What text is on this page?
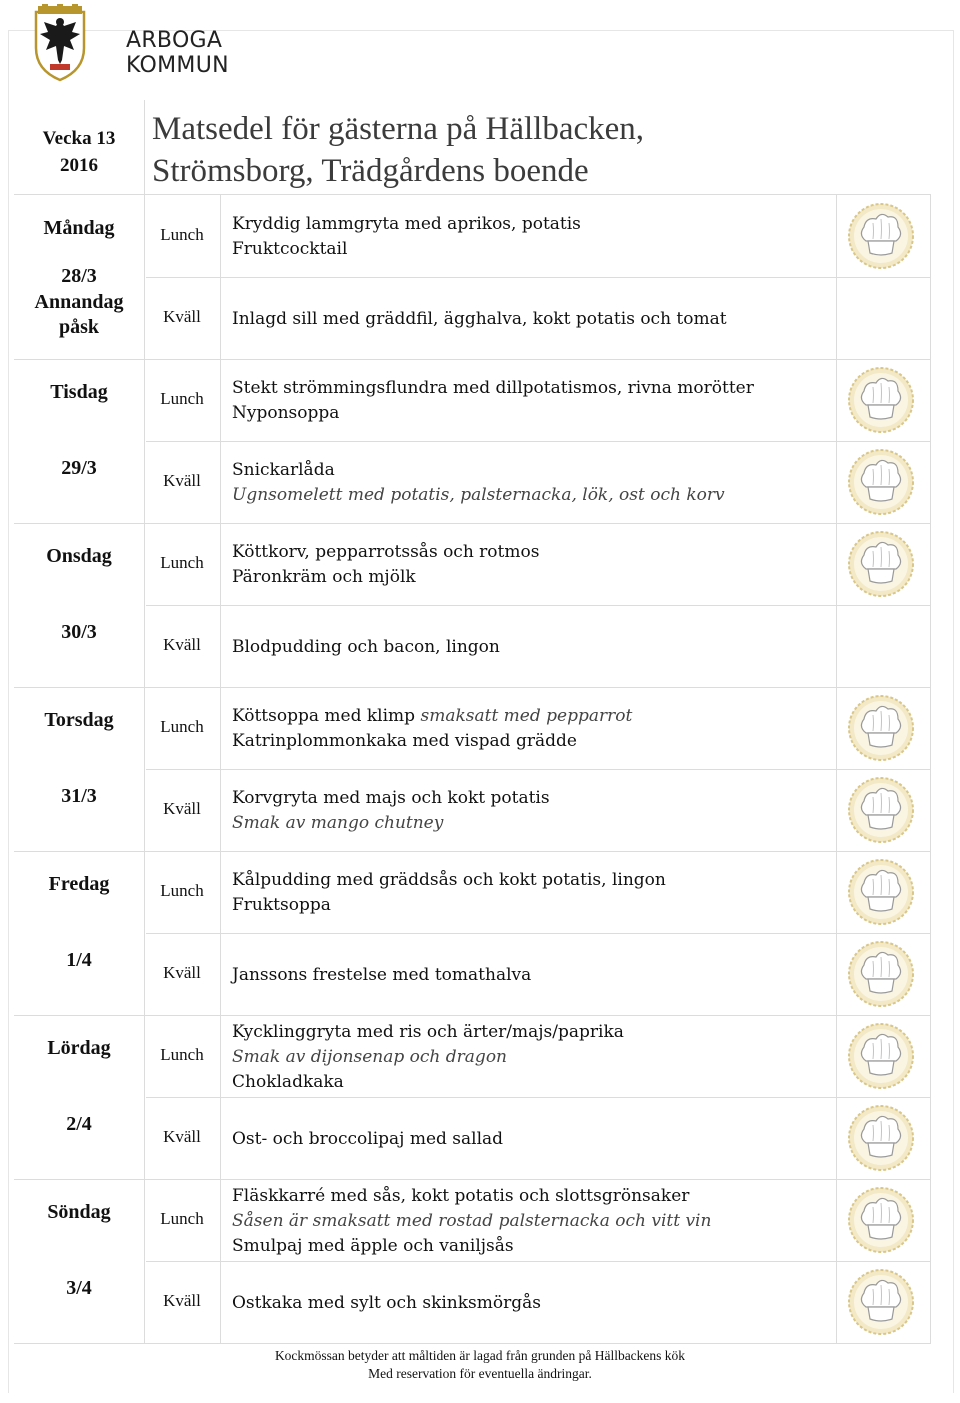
ARBOGA KOMMUN
Vecka 13
2016
Matsedel för gästerna på Hällbacken,
Strömsborg, Trädgårdens boende
Måndag
28/3
Annandag
påsk
Lunch
Kväll
Kryddig lammgryta med aprikos, potatis
Fruktcocktail
Inlagd sill med gräddfil, ägghalva, kokt potatis och tomat
Tisdag
29/3
Lunch
Kväll
Stekt strömmingsflundra med dillpotatismos, rivna morötter
Nyponsoppa
Snickarlåda
Ugnsomelett med potatis, palsternacka, lök, ost och korv
Onsdag
30/3
Lunch
Kväll
Köttkorv, pepparrotssås och rotmos
Päronkräm och mjölk
Blodpudding och bacon, lingon
Torsdag
31/3
Lunch
Kväll
Köttsoppa med klimp smaksatt med pepparrot
Katrinplommonkaka med vispad grädde
Korvgryta med majs och kokt potatis
Smak av mango chutney
Fredag
1/4
Lunch
Kväll
Kålpudding med gräddsås och kokt potatis, lingon
Fruktsoppa
Janssons frestelse med tomathalva
Lördag
2/4
Lunch
Kväll
Kycklinggryta med ris och ärter/majs/paprika
Smak av dijonsenap och dragon
Chokladkaka
Ost- och broccolipaj med sallad
Söndag
3/4
Lunch
Kväll
Fläskkarré med sås, kokt potatis och slottsgrönsaker
Såsen är smaksatt med rostad palsternacka och vitt vin
Smulpaj med äpple och vaniljsås
Ostkaka med sylt och skinksmörgås
Kockmössan betyder att måltiden är lagad från grunden på Hällbackens kök
Med reservation för eventuella ändringar.
